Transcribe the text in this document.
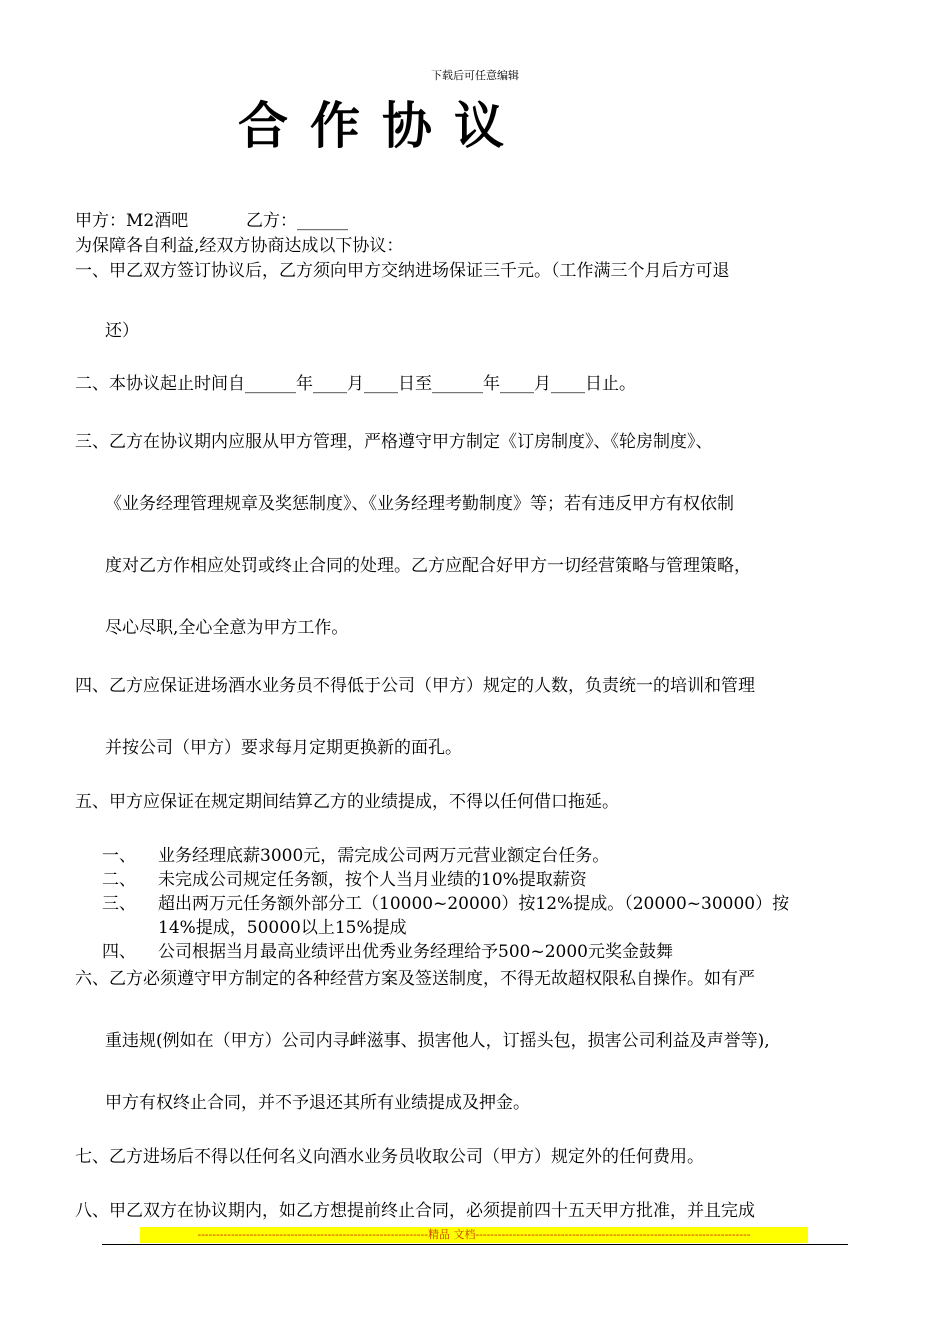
下载后可任意编辑
合作协议
甲方：M2酒吧	乙方：______
为保障各自利益,经双方协商达成以下协议：
一、甲乙双方签订协议后，乙方须向甲方交纳进场保证三千元。（工作满三个月后方可退
还）
二、本协议起止时间自______年____月____日至______年____月____日止。
三、乙方在协议期内应服从甲方管理，严格遵守甲方制定《订房制度》、《轮房制度》、
《业务经理管理规章及奖惩制度》、《业务经理考勤制度》等；若有违反甲方有权依制
度对乙方作相应处罚或终止合同的处理。乙方应配合好甲方一切经营策略与管理策略，
尽心尽职,全心全意为甲方工作。
四、乙方应保证进场酒水业务员不得低于公司（甲方）规定的人数，负责统一的培训和管理
并按公司（甲方）要求每月定期更换新的面孔。
五、甲方应保证在规定期间结算乙方的业绩提成，不得以任何借口拖延。
一、 业务经理底薪3000元，需完成公司两万元营业额定台任务。
二、 未完成公司规定任务额，按个人当月业绩的10%提取薪资
三、 超出两万元任务额外部分工（10000~20000）按12%提成。（20000~30000）按
14%提成，50000以上15%提成
四、 公司根据当月最高业绩评出优秀业务经理给予500~2000元奖金鼓舞
六、乙方必须遵守甲方制定的各种经营方案及签送制度，不得无故超权限私自操作。如有严
重违规(例如在（甲方）公司内寻衅滋事、损害他人，订摇头包，损害公司利益及声誉等),
甲方有权终止合同，并不予退还其所有业绩提成及押金。
七、乙方进场后不得以任何名义向酒水业务员收取公司（甲方）规定外的任何费用。
八、甲乙双方在协议期内，如乙方想提前终止合同，必须提前四十五天甲方批准，并且完成
--------------------------------------------------------------精品 文档--------------------------------------------------------------------------
